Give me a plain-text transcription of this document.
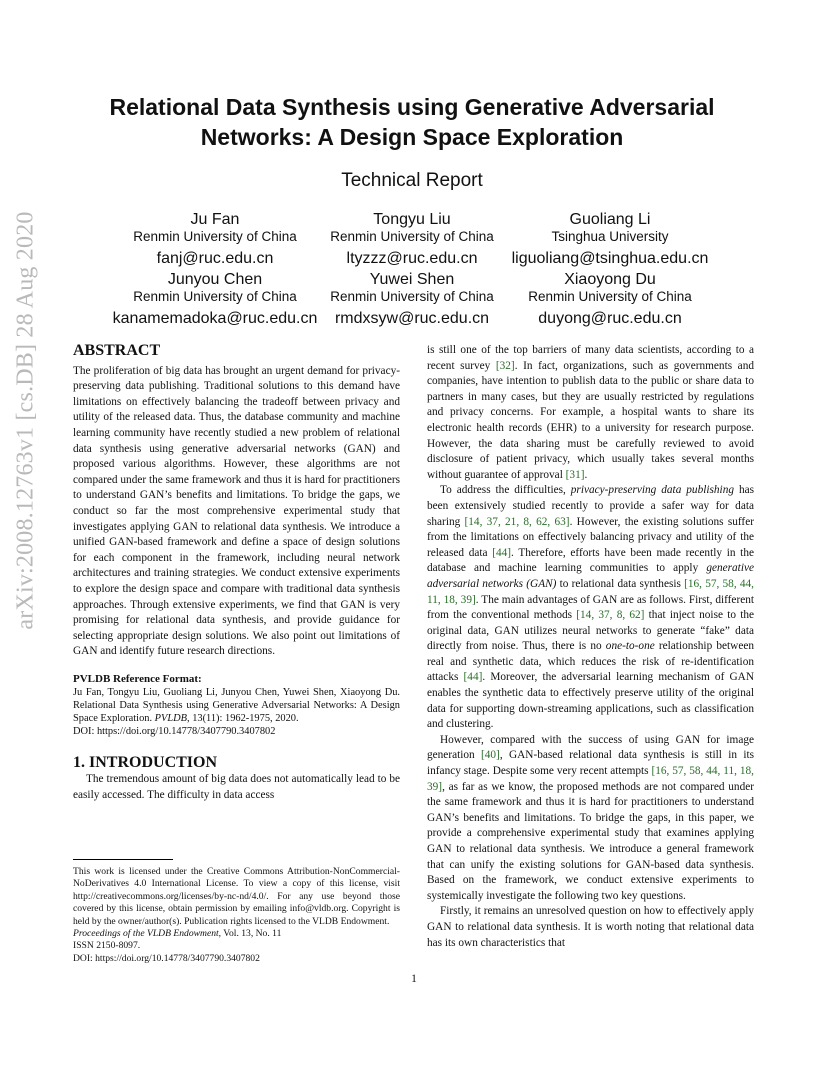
arXiv:2008.12763v1 [cs.DB] 28 Aug 2020
Relational Data Synthesis using Generative Adversarial
Networks: A Design Space Exploration
Technical Report
Ju Fan
Renmin University of China
fanj@ruc.edu.cn
Tongyu Liu
Renmin University of China
ltyzzz@ruc.edu.cn
Guoliang Li
Tsinghua University
liguoliang@tsinghua.edu.cn
Junyou Chen
Renmin University of China
kanamemadoka@ruc.edu.cn
Yuwei Shen
Renmin University of China
rmdxsyw@ruc.edu.cn
Xiaoyong Du
Renmin University of China
duyong@ruc.edu.cn
ABSTRACT

The proliferation of big data has brought an urgent demand for privacy-preserving data publishing. Traditional solutions to this demand have limitations on effectively balancing the tradeoff between privacy and utility of the released data. Thus, the database community and machine learning community have recently studied a new problem of relational data synthesis using generative adversarial networks (GAN) and proposed various algorithms. However, these algorithms are not compared under the same framework and thus it is hard for practitioners to understand GAN’s benefits and limitations. To bridge the gaps, we conduct so far the most comprehensive experimental study that investigates applying GAN to relational data synthesis. We introduce a unified GAN-based framework and define a space of design solutions for each component in the framework, including neural network architectures and training strategies. We conduct extensive experiments to explore the design space and compare with traditional data synthesis approaches. Through extensive experiments, we find that GAN is very promising for relational data synthesis, and provide guidance for selecting appropriate design solutions. We also point out limitations of GAN and identify future research directions.

PVLDB Reference Format:
Ju Fan, Tongyu Liu, Guoliang Li, Junyou Chen, Yuwei Shen, Xiaoyong Du. Relational Data Synthesis using Generative Adversarial Networks: A Design Space Exploration. PVLDB, 13(11): 1962-1975, 2020.
DOI: https://doi.org/10.14778/3407790.3407802
1. INTRODUCTION

The tremendous amount of big data does not automatically lead to be easily accessed. The difficulty in data access

This work is licensed under the Creative Commons Attribution-NonCommercial-NoDerivatives 4.0 International License. To view a copy of this license, visit http://creativecommons.org/licenses/by-nc-nd/4.0/. For any use beyond those covered by this license, obtain permission by emailing info@vldb.org. Copyright is held by the owner/author(s). Publication rights licensed to the VLDB Endowment.

Proceedings of the VLDB Endowment, Vol. 13, No. 11

ISSN 2150-8097.

DOI: https://doi.org/10.14778/3407790.3407802

is still one of the top barriers of many data scientists, according to a recent survey [32]. In fact, organizations, such as governments and companies, have intention to publish data to the public or share data to partners in many cases, but they are usually restricted by regulations and privacy concerns. For example, a hospital wants to share its electronic health records (EHR) to a university for research purpose. However, the data sharing must be carefully reviewed to avoid disclosure of patient privacy, which usually takes several months without guarantee of approval [31].

To address the difficulties, privacy-preserving data publishing has been extensively studied recently to provide a safer way for data sharing [14, 37, 21, 8, 62, 63]. However, the existing solutions suffer from the limitations on effectively balancing privacy and utility of the released data [44]. Therefore, efforts have been made recently in the database and machine learning communities to apply generative adversarial networks (GAN) to relational data synthesis [16, 57, 58, 44, 11, 18, 39]. The main advantages of GAN are as follows. First, different from the conventional methods [14, 37, 8, 62] that inject noise to the original data, GAN utilizes neural networks to generate “fake” data directly from noise. Thus, there is no one-to-one relationship between real and synthetic data, which reduces the risk of re-identification attacks [44]. Moreover, the adversarial learning mechanism of GAN enables the synthetic data to effectively preserve utility of the original data for supporting down-streaming applications, such as classification and clustering.

However, compared with the success of using GAN for image generation [40], GAN-based relational data synthesis is still in its infancy stage. Despite some very recent attempts [16, 57, 58, 44, 11, 18, 39], as far as we know, the proposed methods are not compared under the same framework and thus it is hard for practitioners to understand GAN’s benefits and limitations. To bridge the gaps, in this paper, we provide a comprehensive experimental study that examines applying GAN to relational data synthesis. We introduce a general framework that can unify the existing solutions for GAN-based data synthesis. Based on the framework, we conduct extensive experiments to systemically investigate the following two key questions.

Firstly, it remains an unresolved question on how to effectively apply GAN to relational data synthesis. It is worth noting that relational data has its own characteristics that

1
